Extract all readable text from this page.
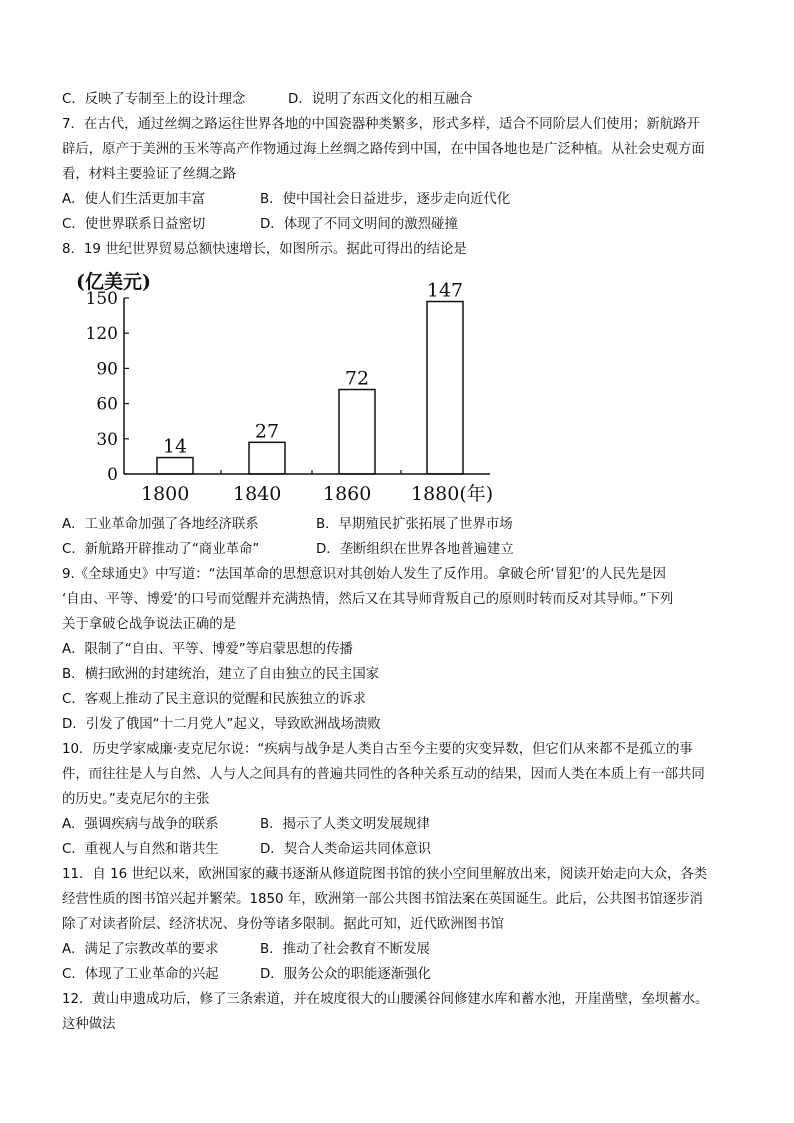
C．反映了专制至上的设计理念	D．说明了东西文化的相互融合
7．在古代，通过丝绸之路运往世界各地的中国瓷器种类繁多，形式多样，适合不同阶层人们使用；新航路开
辟后，原产于美洲的玉米等高产作物通过海上丝绸之路传到中国，在中国各地也是广泛种植。从社会史观方面
看，材料主要验证了丝绸之路
A．使人们生活更加丰富	B．使中国社会日益进步，逐步走向近代化
C．使世界联系日益密切	D．体现了不同文明间的激烈碰撞
8．19 世纪世界贸易总额快速增长，如图所示。据此可得出的结论是
(亿美元)
0
30
60
90
120
150
14
27
72
147
1800 1840 1860 1880(年)
A．工业革命加强了各地经济联系	B．早期殖民扩张拓展了世界市场
C．新航路开辟推动了“商业革命”	D．垄断组织在世界各地普遍建立
9.《全球通史》中写道：“法国革命的思想意识对其创始人发生了反作用。拿破仑所‘冒犯’的人民先是因
‘自由、平等、博爱’的口号而觉醒并充满热情，然后又在其导师背叛自己的原则时转而反对其导师。”下列
关于拿破仑战争说法正确的是
A．限制了“自由、平等、博爱”等启蒙思想的传播
B．横扫欧洲的封建统治，建立了自由独立的民主国家
C．客观上推动了民主意识的觉醒和民族独立的诉求
D．引发了俄国“十二月党人”起义，导致欧洲战场溃败
10．历史学家威廉·麦克尼尔说：“疾病与战争是人类自古至今主要的灾变异数，但它们从来都不是孤立的事
件，而往往是人与自然、人与人之间具有的普遍共同性的各种关系互动的结果，因而人类在本质上有一部共同
的历史。”麦克尼尔的主张
A．强调疾病与战争的联系	B．揭示了人类文明发展规律
C．重视人与自然和谐共生	D．契合人类命运共同体意识
11．自 16 世纪以来，欧洲国家的藏书逐渐从修道院图书馆的狭小空间里解放出来，阅读开始走向大众，各类
经营性质的图书馆兴起并繁荣。1850 年，欧洲第一部公共图书馆法案在英国诞生。此后，公共图书馆逐步消
除了对读者阶层、经济状况、身份等诸多限制。据此可知，近代欧洲图书馆
A．满足了宗教改革的要求	B．推动了社会教育不断发展
C．体现了工业革命的兴起	D．服务公众的职能逐渐强化
12．黄山申遗成功后，修了三条索道，并在坡度很大的山腰溪谷间修建水库和蓄水池，开崖凿壁，垒坝蓄水。
这种做法
